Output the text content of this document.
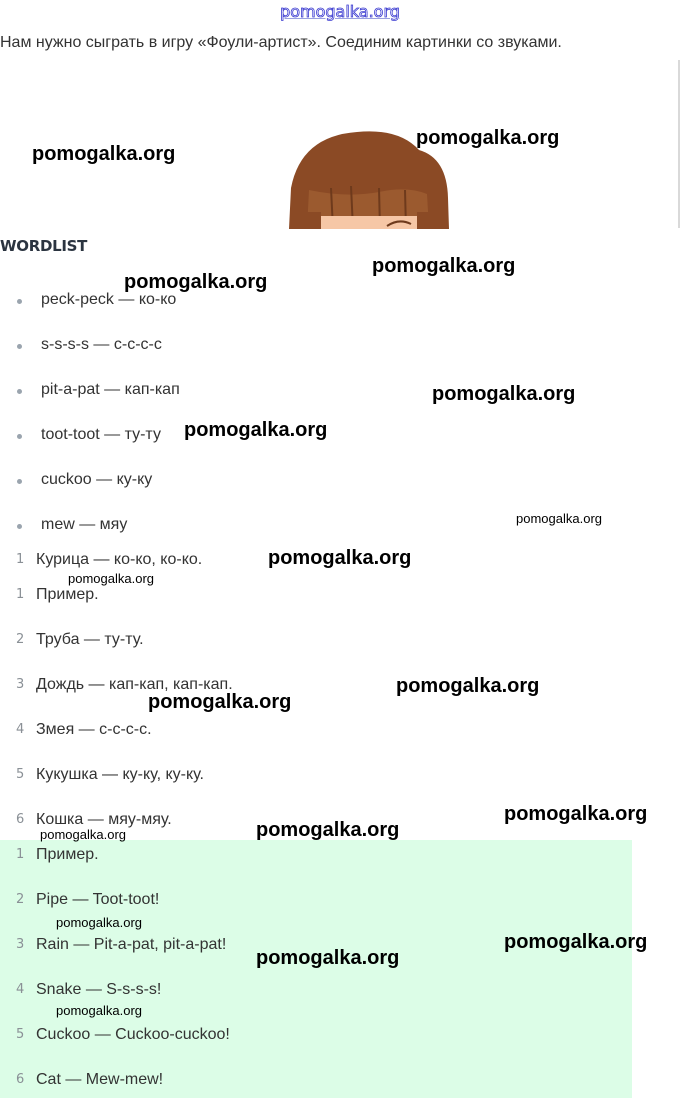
pomogalka.org
Нам нужно сыграть в игру «Фоули-артист». Соединим картинки со звуками.
WORDLIST
peck-peck — ко-ко
s-s-s-s — с-с-с-с
pit-a-pat — кап-кап
toot-toot — ту-ту
cuckoo — ку-ку
mew — мяу
1 Курица — ко-ко, ко-ко.
1 Пример.
2 Труба — ту-ту.
3 Дождь — кап-кап, кап-кап.
4 Змея — с-с-с-с.
5 Кукушка — ку-ку, ку-ку.
6 Кошка — мяу-мяу.
1 Пример.
2 Pipe — Toot-toot!
3 Rain — Pit-a-pat, pit-a-pat!
4 Snake — S-s-s-s!
5 Cuckoo — Cuckoo-cuckoo!
6 Cat — Mew-mew!
pomogalka.org
pomogalka.org
pomogalka.org
pomogalka.org
pomogalka.org
pomogalka.org
pomogalka.org
pomogalka.org
pomogalka.org
pomogalka.org
pomogalka.org
pomogalka.org
pomogalka.org	pomogalka.org
pomogalka.org
pomogalka.org
pomogalka.org
pomogalka.org
